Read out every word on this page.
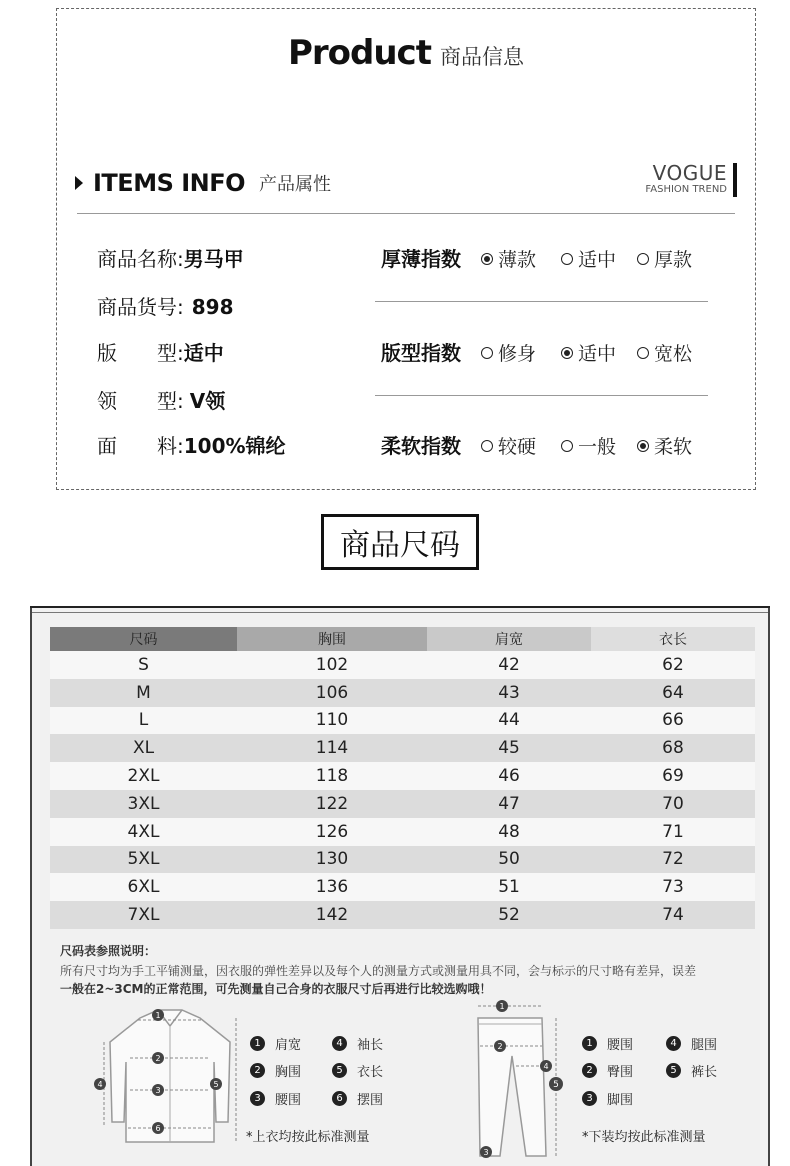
Product 商品信息
ITEMS INFO 产品属性	VOGUE
FASHION TREND
商品名称:男马甲
商品货号: 898
版　　型:适中
领　　型: V领
面　　料:100%锦纶
厚薄指数 薄款 适中 厚款
版型指数 修身 适中 宽松
柔软指数 较硬 一般 柔软
商品尺码
尺码	胸围	肩宽	衣长
S	102	42	62
M	106	43	64
L	110	44	66
XL	114	45	68
2XL	118	46	69
3XL	122	47	70
4XL	126	48	71
5XL	130	50	72
6XL	136	51	73
7XL	142	52	74
尺码表参照说明：
所有尺寸均为手工平铺测量，因衣服的弹性差异以及每个人的测量方式或测量用具不同，会与标示的尺寸略有差异，误差
一般在2~3CM的正常范围，可先测量自己合身的衣服尺寸后再进行比较选购哦！
1
2
3
4	5
6
1	肩宽
2	胸围
3	腰围
4	袖长
5	衣长
6	摆围
*上衣均按此标准测量
1
2
4
3
5
1	腰围
2	臀围
3	脚围
4	腿围
5	裤长
*下装均按此标准测量
